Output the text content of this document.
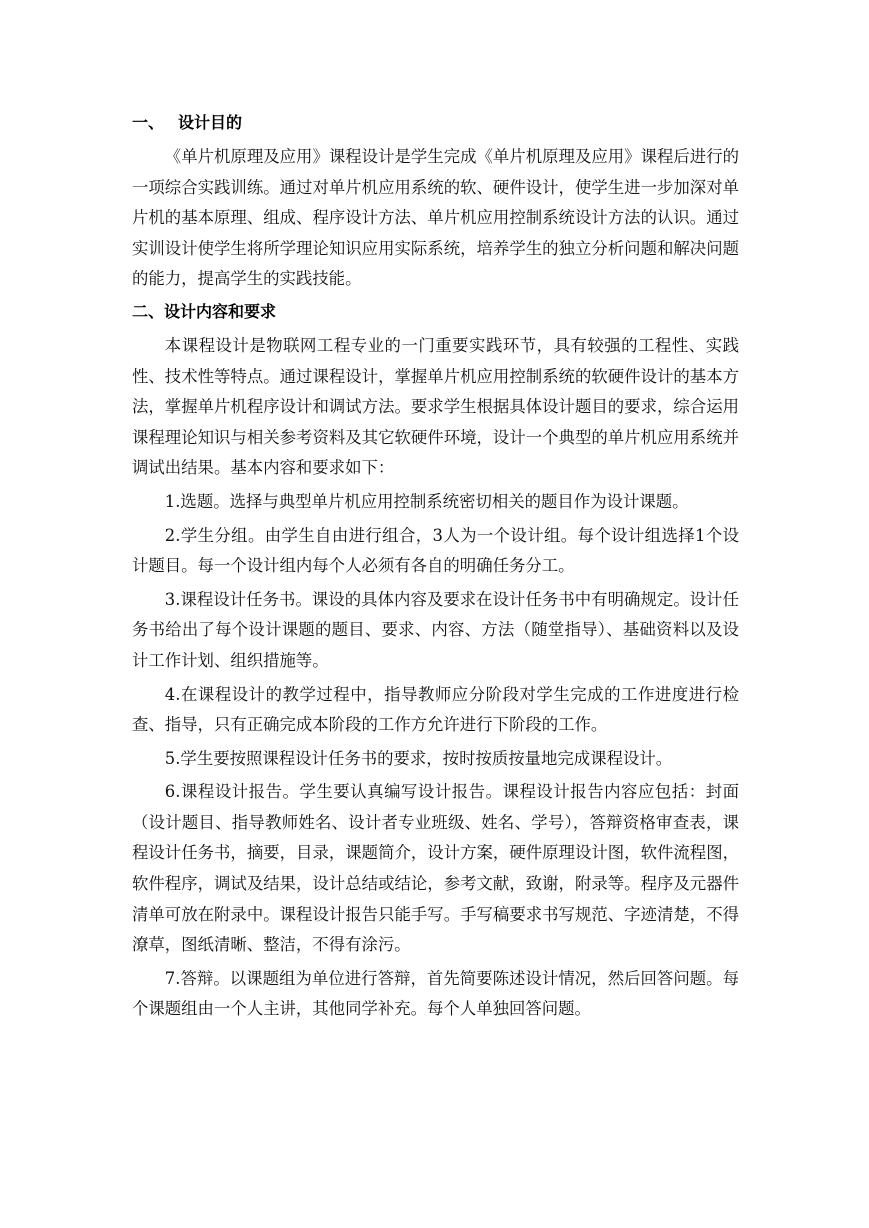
一、 设计目的

《单片机原理及应用》课程设计是学生完成《单片机原理及应用》课程后进行的一项综合实践训练。通过对单片机应用系统的软、硬件设计，使学生进一步加深对单片机的基本原理、组成、程序设计方法、单片机应用控制系统设计方法的认识。通过实训设计使学生将所学理论知识应用实际系统，培养学生的独立分析问题和解决问题的能力，提高学生的实践技能。

二、设计内容和要求

本课程设计是物联网工程专业的一门重要实践环节，具有较强的工程性、实践性、技术性等特点。通过课程设计，掌握单片机应用控制系统的软硬件设计的基本方法，掌握单片机程序设计和调试方法。要求学生根据具体设计题目的要求，综合运用课程理论知识与相关参考资料及其它软硬件环境，设计一个典型的单片机应用系统并调试出结果。基本内容和要求如下：

1.选题。选择与典型单片机应用控制系统密切相关的题目作为设计课题。

2.学生分组。由学生自由进行组合，3人为一个设计组。每个设计组选择1个设计题目。每一个设计组内每个人必须有各自的明确任务分工。

3.课程设计任务书。课设的具体内容及要求在设计任务书中有明确规定。设计任务书给出了每个设计课题的题目、要求、内容、方法（随堂指导）、基础资料以及设计工作计划、组织措施等。

4.在课程设计的教学过程中，指导教师应分阶段对学生完成的工作进度进行检查、指导，只有正确完成本阶段的工作方允许进行下阶段的工作。

5.学生要按照课程设计任务书的要求，按时按质按量地完成课程设计。

6.课程设计报告。学生要认真编写设计报告。课程设计报告内容应包括：封面（设计题目、指导教师姓名、设计者专业班级、姓名、学号），答辩资格审查表，课程设计任务书，摘要，目录，课题简介，设计方案，硬件原理设计图，软件流程图，软件程序，调试及结果，设计总结或结论，参考文献，致谢，附录等。程序及元器件清单可放在附录中。课程设计报告只能手写。手写稿要求书写规范、字迹清楚，不得潦草，图纸清晰、整洁，不得有涂污。

7.答辩。以课题组为单位进行答辩，首先简要陈述设计情况，然后回答问题。每个课题组由一个人主讲，其他同学补充。每个人单独回答问题。
